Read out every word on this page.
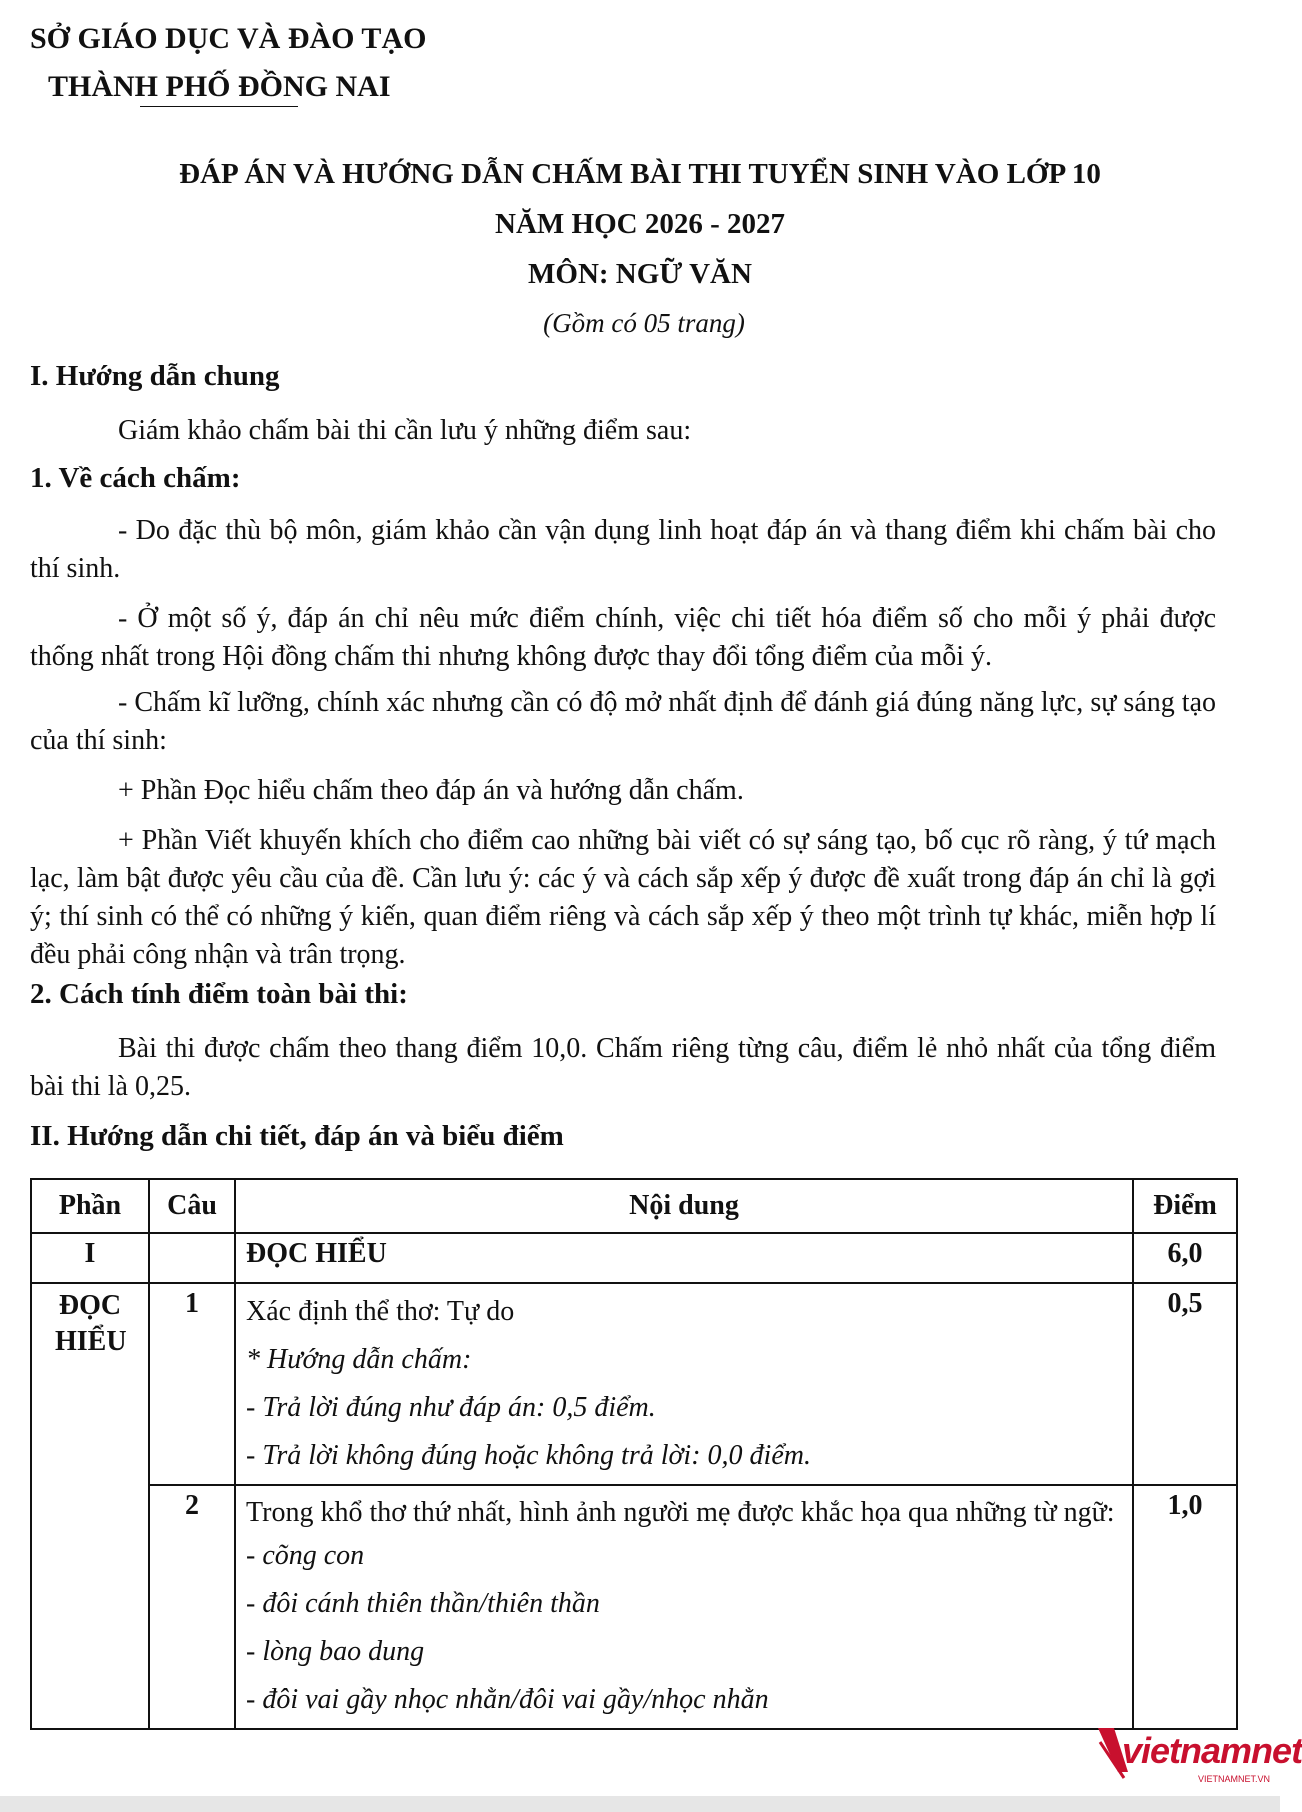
SỞ GIÁO DỤC VÀ ĐÀO TẠO
THÀNH PHỐ ĐỒNG NAI
ĐÁP ÁN VÀ HƯỚNG DẪN CHẤM BÀI THI TUYỂN SINH VÀO LỚP 10
NĂM HỌC 2026 - 2027
MÔN: NGỮ VĂN
(Gồm có 05 trang)
I. Hướng dẫn chung
Giám khảo chấm bài thi cần lưu ý những điểm sau:
1. Về cách chấm:
- Do đặc thù bộ môn, giám khảo cần vận dụng linh hoạt đáp án và thang điểm khi chấm bài cho thí sinh.
- Ở một số ý, đáp án chỉ nêu mức điểm chính, việc chi tiết hóa điểm số cho mỗi ý phải được thống nhất trong Hội đồng chấm thi nhưng không được thay đổi tổng điểm của mỗi ý.
- Chấm kĩ lưỡng, chính xác nhưng cần có độ mở nhất định để đánh giá đúng năng lực, sự sáng tạo của thí sinh:
+ Phần Đọc hiểu chấm theo đáp án và hướng dẫn chấm.
+ Phần Viết khuyến khích cho điểm cao những bài viết có sự sáng tạo, bố cục rõ ràng, ý tứ mạch lạc, làm bật được yêu cầu của đề. Cần lưu ý: các ý và cách sắp xếp ý được đề xuất trong đáp án chỉ là gợi ý; thí sinh có thể có những ý kiến, quan điểm riêng và cách sắp xếp ý theo một trình tự khác, miễn hợp lí đều phải công nhận và trân trọng.
2. Cách tính điểm toàn bài thi:
Bài thi được chấm theo thang điểm 10,0. Chấm riêng từng câu, điểm lẻ nhỏ nhất của tổng điểm bài thi là 0,25.
II. Hướng dẫn chi tiết, đáp án và biểu điểm
Phần	Câu	Nội dung	Điểm
I		ĐỌC HIỂU	6,0

ĐỌC HIỂU	1	Xác định thể thơ: Tự do
* Hướng dẫn chấm:
- Trả lời đúng như đáp án: 0,5 điểm.
- Trả lời không đúng hoặc không trả lời: 0,0 điểm.	0,5
	2	Trong khổ thơ thứ nhất, hình ảnh người mẹ được khắc họa qua những từ ngữ:
- cõng con
- đôi cánh thiên thần/thiên thần
- lòng bao dung
- đôi vai gầy nhọc nhằn/đôi vai gầy/nhọc nhằn	1,0
vietnamnet
VIETNAMNET.VN
